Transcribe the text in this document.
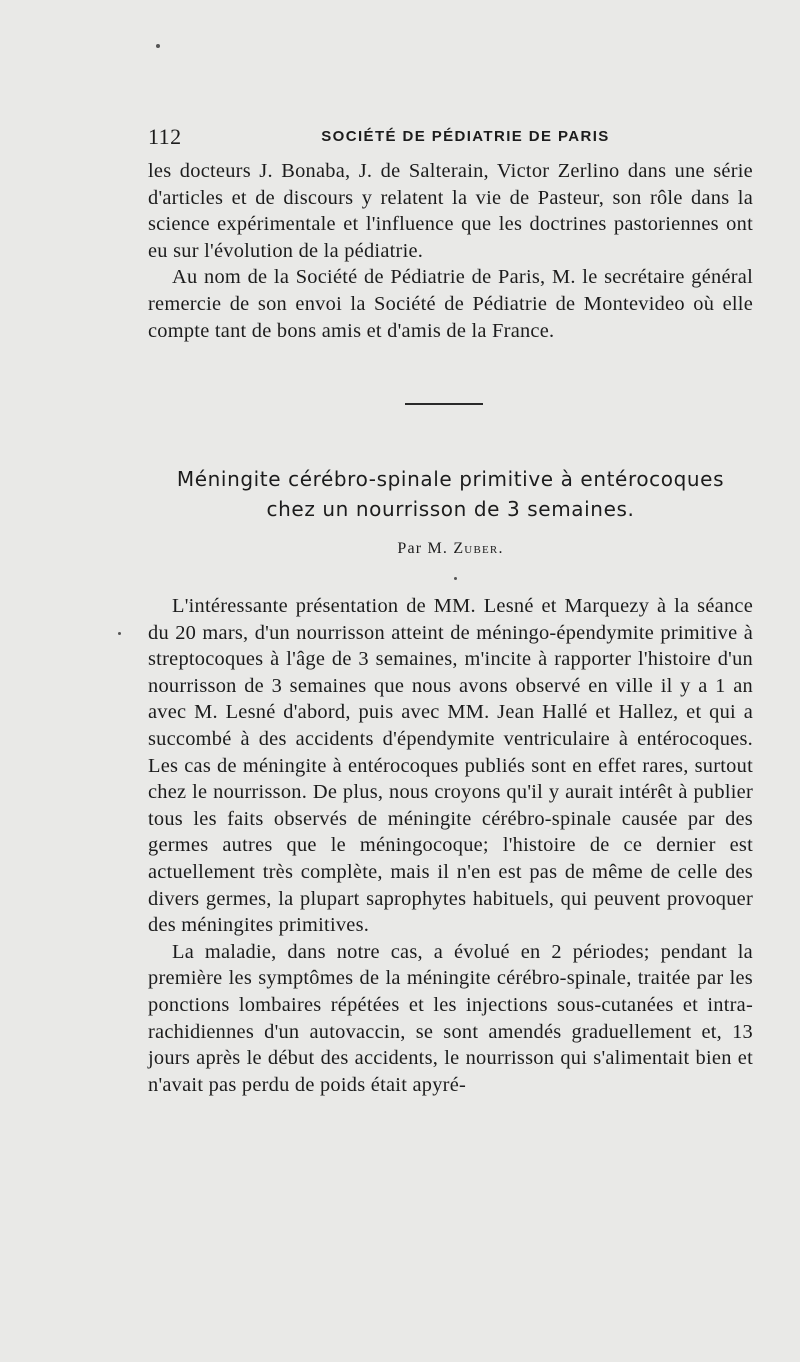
112	SOCIÉTÉ DE PÉDIATRIE DE PARIS

les docteurs J. Bonaba, J. de Salterain, Victor Zerlino dans une série d'articles et de discours y relatent la vie de Pasteur, son rôle dans la science expérimentale et l'influence que les doctrines pastoriennes ont eu sur l'évolution de la pédiatrie.

Au nom de la Société de Pédiatrie de Paris, M. le secrétaire général remercie de son envoi la Société de Pédiatrie de Montevideo où elle compte tant de bons amis et d'amis de la France.

Méningite cérébro-spinale primitive à entérocoques
chez un nourrisson de 3 semaines.
Par M. Zuber.

L'intéressante présentation de MM. Lesné et Marquezy à la séance du 20 mars, d'un nourrisson atteint de méningo-épendymite primitive à streptocoques à l'âge de 3 semaines, m'incite à rapporter l'histoire d'un nourrisson de 3 semaines que nous avons observé en ville il y a 1 an avec M. Lesné d'abord, puis avec MM. Jean Hallé et Hallez, et qui a succombé à des accidents d'épendymite ventriculaire à entérocoques. Les cas de méningite à entérocoques publiés sont en effet rares, surtout chez le nourrisson. De plus, nous croyons qu'il y aurait intérêt à publier tous les faits observés de méningite cérébro-spinale causée par des germes autres que le méningocoque; l'histoire de ce dernier est actuellement très complète, mais il n'en est pas de même de celle des divers germes, la plupart saprophytes habituels, qui peuvent provoquer des méningites primitives.

La maladie, dans notre cas, a évolué en 2 périodes; pendant la première les symptômes de la méningite cérébro-spinale, traitée par les ponctions lombaires répétées et les injections sous-cutanées et intra-rachidiennes d'un autovaccin, se sont amendés graduellement et, 13 jours après le début des accidents, le nourrisson qui s'alimentait bien et n'avait pas perdu de poids était apyré-
